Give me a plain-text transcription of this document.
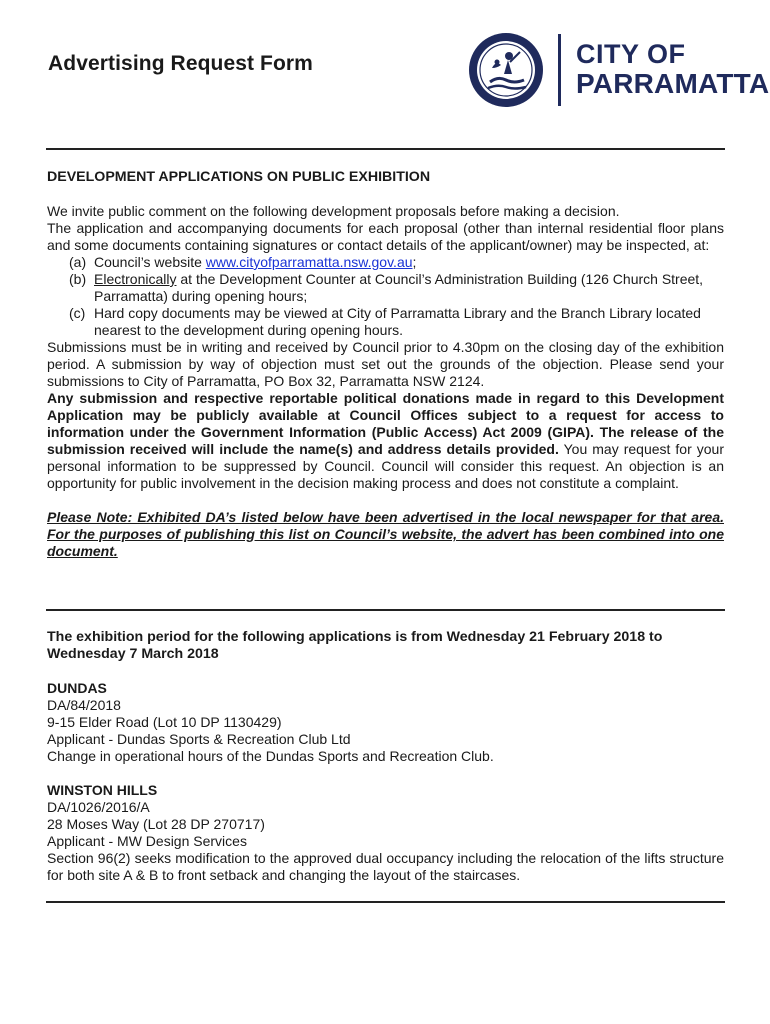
Advertising Request Form	CITY OF
PARRAMATTA

DEVELOPMENT APPLICATIONS ON PUBLIC EXHIBITION

We invite public comment on the following development proposals before making a decision.

The application and accompanying documents for each proposal (other than internal residential floor plans and some documents containing signatures or contact details of the applicant/owner) may be inspected, at:

(a) Council’s website www.cityofparramatta.nsw.gov.au;
(b) Electronically at the Development Counter at Council’s Administration Building (126 Church Street, Parramatta) during opening hours;
(c) Hard copy documents may be viewed at City of Parramatta Library and the Branch Library located nearest to the development during opening hours.

Submissions must be in writing and received by Council prior to 4.30pm on the closing day of the exhibition period. A submission by way of objection must set out the grounds of the objection. Please send your submissions to City of Parramatta, PO Box 32, Parramatta NSW 2124.

Any submission and respective reportable political donations made in regard to this Development Application may be publicly available at Council Offices subject to a request for access to information under the Government Information (Public Access) Act 2009 (GIPA). The release of the submission received will include the name(s) and address details provided. You may request for your personal information to be suppressed by Council. Council will consider this request. An objection is an opportunity for public involvement in the decision making process and does not constitute a complaint.

Please Note: Exhibited DA’s listed below have been advertised in the local newspaper for that area. For the purposes of publishing this list on Council’s website, the advert has been combined into one document.

The exhibition period for the following applications is from Wednesday 21 February 2018 to Wednesday 7 March 2018

DUNDAS

DA/84/2018

9-15 Elder Road (Lot 10 DP 1130429)

Applicant - Dundas Sports & Recreation Club Ltd

Change in operational hours of the Dundas Sports and Recreation Club.

WINSTON HILLS

DA/1026/2016/A

28 Moses Way (Lot 28 DP 270717)

Applicant - MW Design Services

Section 96(2) seeks modification to the approved dual occupancy including the relocation of the lifts structure for both site A & B to front setback and changing the layout of the staircases.
